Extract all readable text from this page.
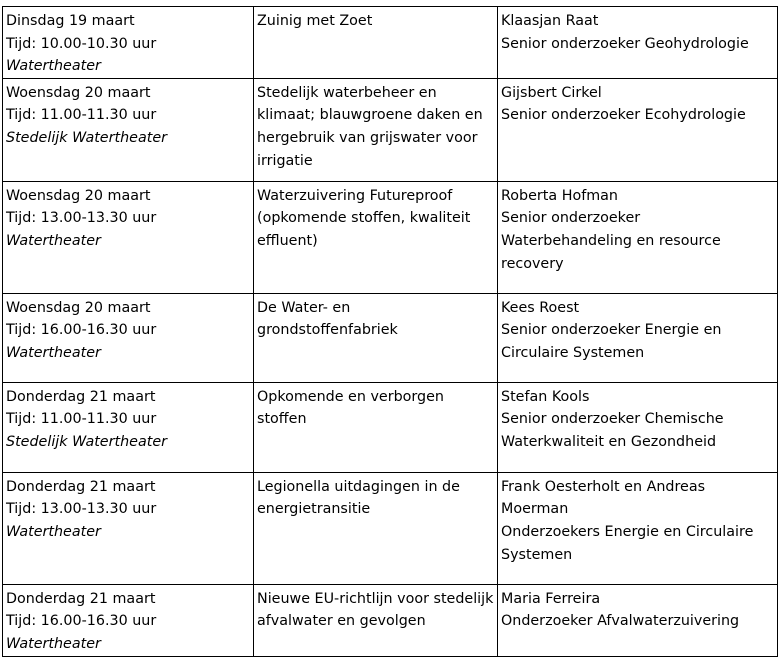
Dinsdag 19 maart
Tijd: 10.00-10.30 uur
Watertheater	Zuinig met Zoet	Klaasjan Raat
Senior onderzoeker Geohydrologie

Woensdag 20 maart
Tijd: 11.00-11.30 uur
Stedelijk Watertheater	Stedelijk waterbeheer en klimaat; blauwgroene daken en hergebruik van grijswater voor irrigatie	Gijsbert Cirkel
Senior onderzoeker Ecohydrologie

Woensdag 20 maart
Tijd: 13.00-13.30 uur
Watertheater	Waterzuivering Futureproof (opkomende stoffen, kwaliteit effluent)	Roberta Hofman
Senior onderzoeker Waterbehandeling en resource recovery

Woensdag 20 maart
Tijd: 16.00-16.30 uur
Watertheater	De Water- en grondstoffenfabriek	Kees Roest
Senior onderzoeker Energie en Circulaire Systemen

Donderdag 21 maart
Tijd: 11.00-11.30 uur
Stedelijk Watertheater	Opkomende en verborgen stoffen	Stefan Kools
Senior onderzoeker Chemische Waterkwaliteit en Gezondheid

Donderdag 21 maart
Tijd: 13.00-13.30 uur
Watertheater	Legionella uitdagingen in de energietransitie	Frank Oesterholt en Andreas Moerman
Onderzoekers Energie en Circulaire Systemen

Donderdag 21 maart
Tijd: 16.00-16.30 uur
Watertheater	Nieuwe EU-richtlijn voor stedelijk afvalwater en gevolgen	Maria Ferreira
Onderzoeker Afvalwaterzuivering
